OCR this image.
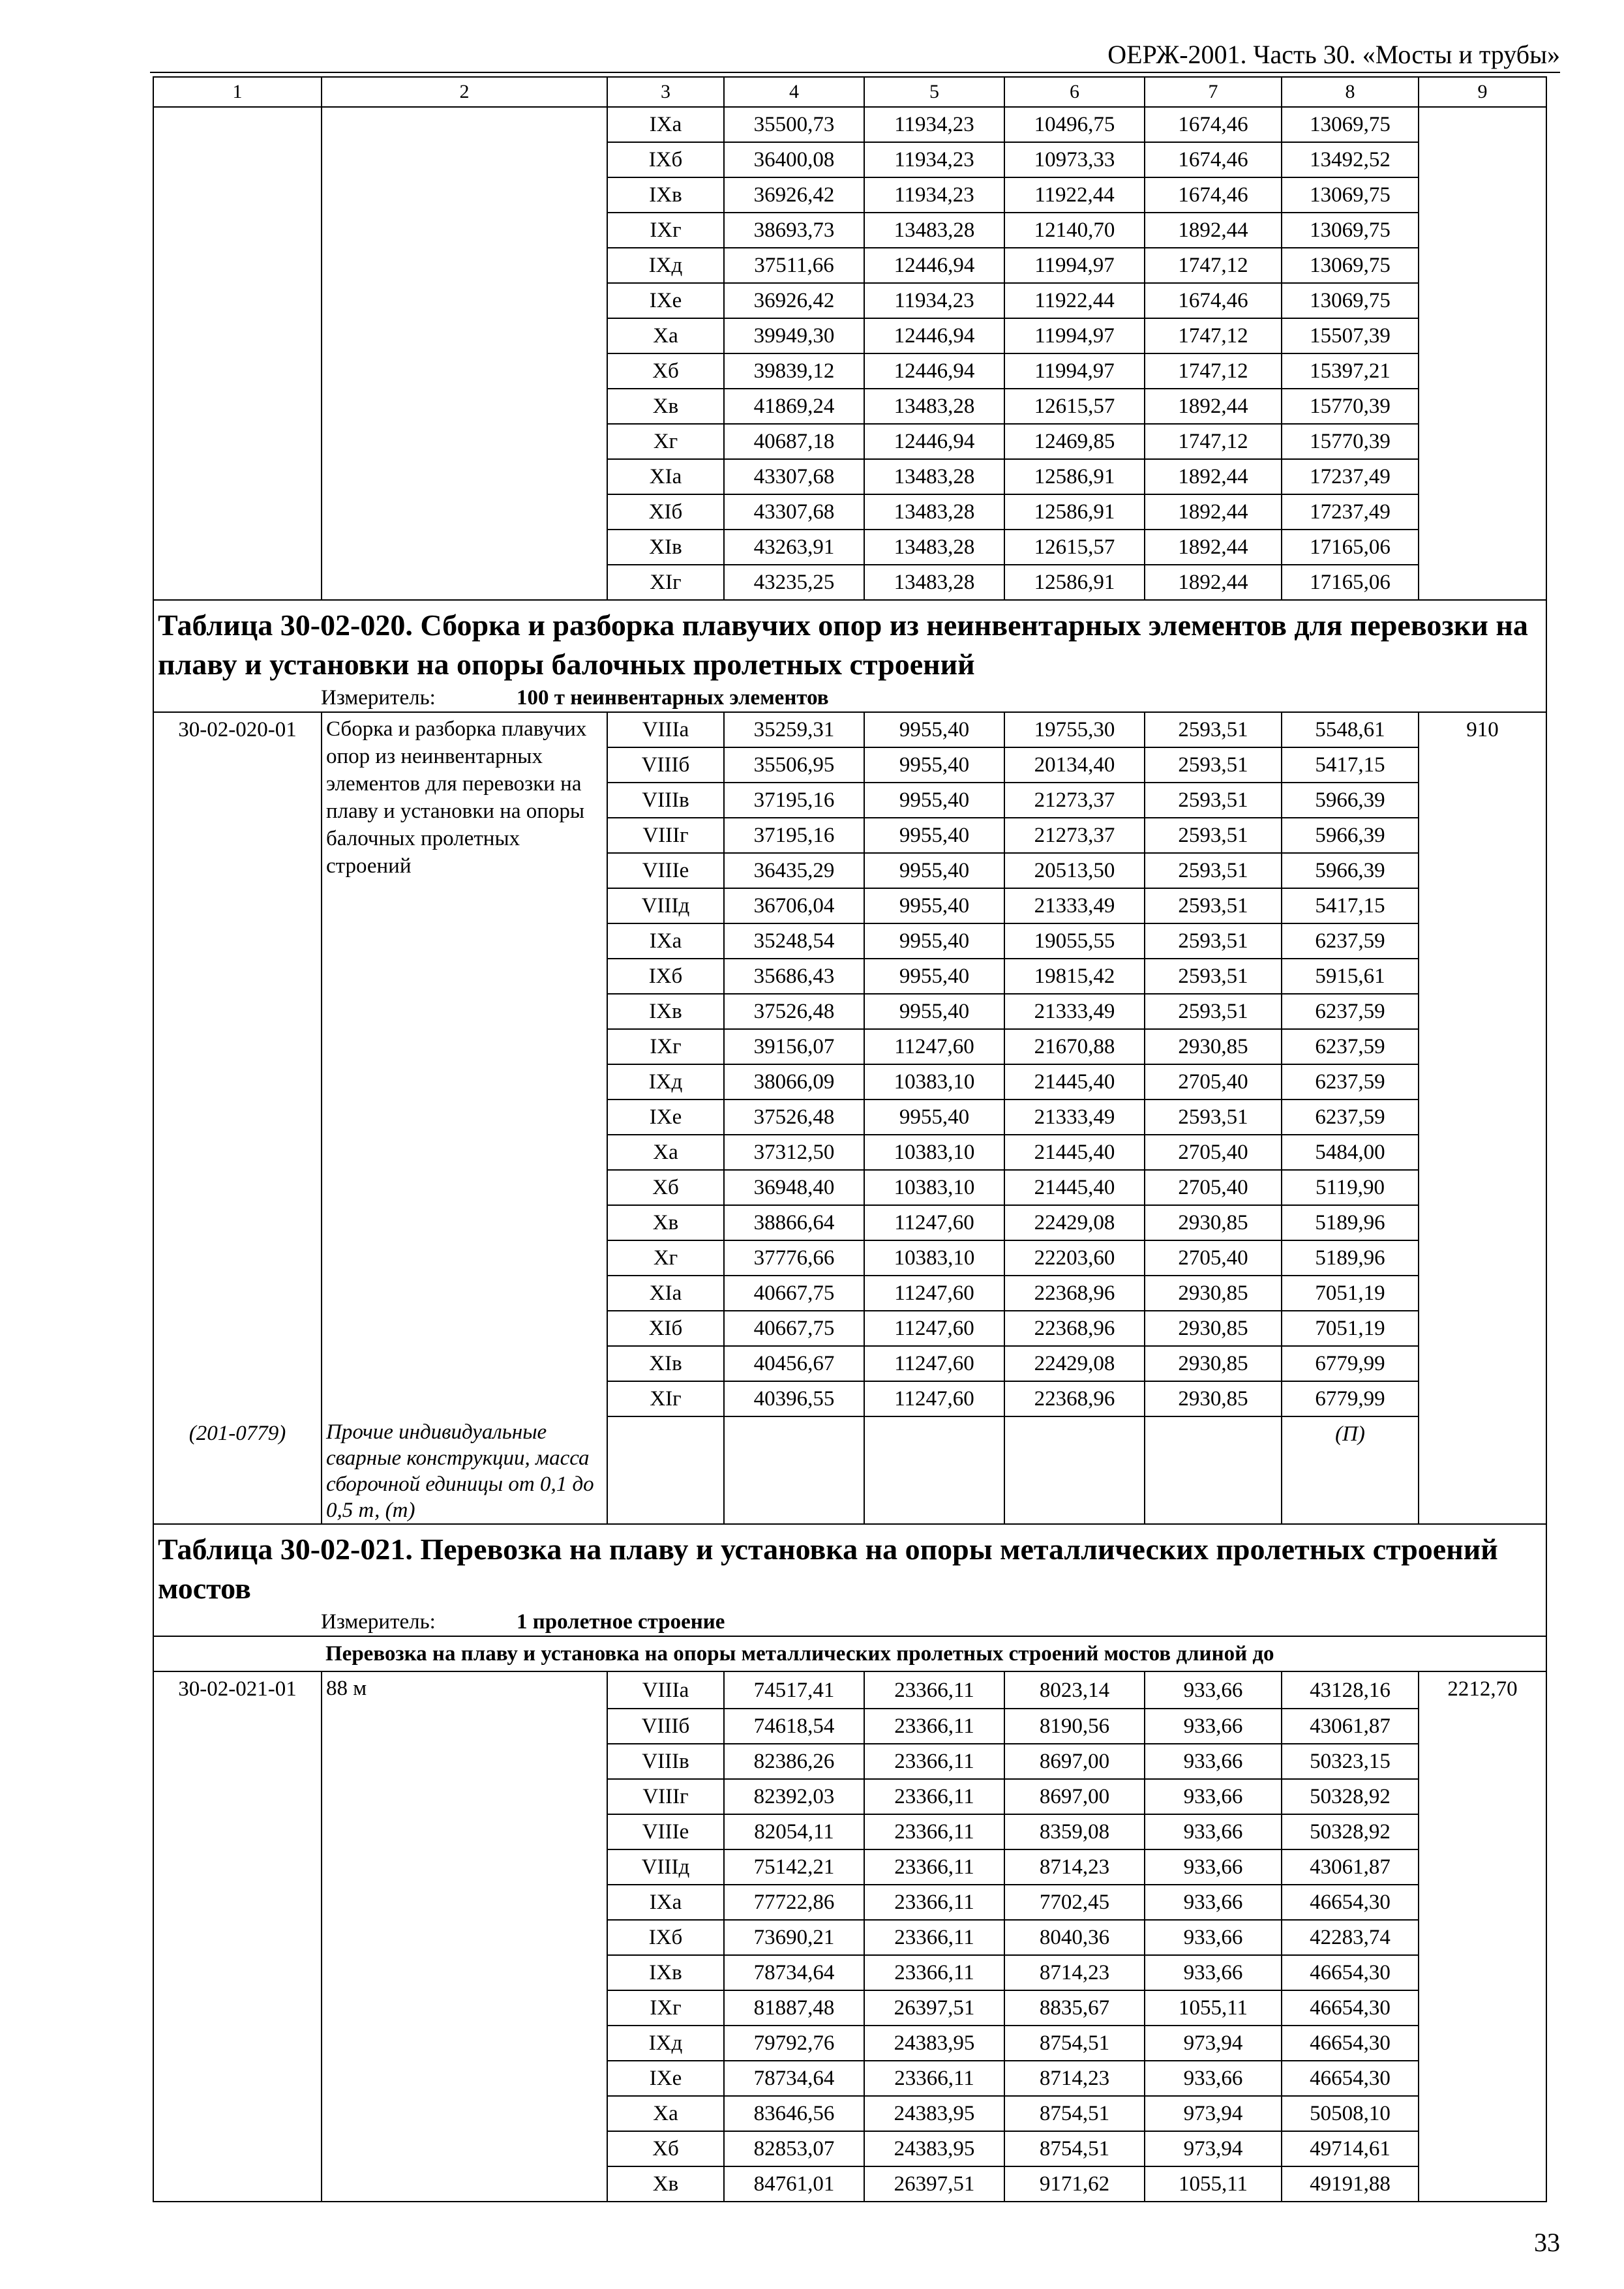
ОЕРЖ-2001. Часть 30. «Мосты и трубы»
1	2	3	4	5	6	7	8	9
		IXа	35500,73	11934,23	10496,75	1674,46	13069,75	
		IXб	36400,08	11934,23	10973,33	1674,46	13492,52	
		IXв	36926,42	11934,23	11922,44	1674,46	13069,75	
		IXг	38693,73	13483,28	12140,70	1892,44	13069,75	
		IXд	37511,66	12446,94	11994,97	1747,12	13069,75	
		IXе	36926,42	11934,23	11922,44	1674,46	13069,75	
		Xа	39949,30	12446,94	11994,97	1747,12	15507,39	
		Xб	39839,12	12446,94	11994,97	1747,12	15397,21	
		Xв	41869,24	13483,28	12615,57	1892,44	15770,39	
		Xг	40687,18	12446,94	12469,85	1747,12	15770,39	
		XIа	43307,68	13483,28	12586,91	1892,44	17237,49	
		XIб	43307,68	13483,28	12586,91	1892,44	17237,49	
		XIв	43263,91	13483,28	12615,57	1892,44	17165,06	
		XIг	43235,25	13483,28	12586,91	1892,44	17165,06	
Таблица 30-02-020. Сборка и разборка плавучих опор из неинвентарных элементов для перевозки на плаву и установки на опоры балочных пролетных строений								
Измеритель: 100 т неинвентарных элементов								
30-02-020-01	Сборка и разборка плавучих опор из неинвентарных элементов для перевозки на плаву и установки на опоры балочных пролетных строений	VIIIа	35259,31	9955,40	19755,30	2593,51	5548,61	910
		VIIIб	35506,95	9955,40	20134,40	2593,51	5417,15	
		VIIIв	37195,16	9955,40	21273,37	2593,51	5966,39	
		VIIIг	37195,16	9955,40	21273,37	2593,51	5966,39	
		VIIIе	36435,29	9955,40	20513,50	2593,51	5966,39	
		VIIIд	36706,04	9955,40	21333,49	2593,51	5417,15	
		IXа	35248,54	9955,40	19055,55	2593,51	6237,59	
		IXб	35686,43	9955,40	19815,42	2593,51	5915,61	
		IXв	37526,48	9955,40	21333,49	2593,51	6237,59	
		IXг	39156,07	11247,60	21670,88	2930,85	6237,59	
		IXд	38066,09	10383,10	21445,40	2705,40	6237,59	
		IXе	37526,48	9955,40	21333,49	2593,51	6237,59	
		Xа	37312,50	10383,10	21445,40	2705,40	5484,00	
		Xб	36948,40	10383,10	21445,40	2705,40	5119,90	
		Xв	38866,64	11247,60	22429,08	2930,85	5189,96	
		Xг	37776,66	10383,10	22203,60	2705,40	5189,96	
		XIа	40667,75	11247,60	22368,96	2930,85	7051,19	
		XIб	40667,75	11247,60	22368,96	2930,85	7051,19	
		XIв	40456,67	11247,60	22429,08	2930,85	6779,99	
		XIг	40396,55	11247,60	22368,96	2930,85	6779,99	
(201-0779)	Прочие индивидуальные сварные конструкции, масса сборочной единицы от 0,1 до 0,5 т, (т)						(П)	
Таблица 30-02-021. Перевозка на плаву и установка на опоры металлических пролетных строений мостов								
Измеритель: 1 пролетное строение								
	Перевозка на плаву и установка на опоры металлических пролетных строений мостов длиной до							
30-02-021-01	88 м	VIIIа	74517,41	23366,11	8023,14	933,66	43128,16	2212,70
		VIIIб	74618,54	23366,11	8190,56	933,66	43061,87	
		VIIIв	82386,26	23366,11	8697,00	933,66	50323,15	
		VIIIг	82392,03	23366,11	8697,00	933,66	50328,92	
		VIIIе	82054,11	23366,11	8359,08	933,66	50328,92	
		VIIIд	75142,21	23366,11	8714,23	933,66	43061,87	
		IXа	77722,86	23366,11	7702,45	933,66	46654,30	
		IXб	73690,21	23366,11	8040,36	933,66	42283,74	
		IXв	78734,64	23366,11	8714,23	933,66	46654,30	
		IXг	81887,48	26397,51	8835,67	1055,11	46654,30	
		IXд	79792,76	24383,95	8754,51	973,94	46654,30	
		IXе	78734,64	23366,11	8714,23	933,66	46654,30	
		Xа	83646,56	24383,95	8754,51	973,94	50508,10	
		Xб	82853,07	24383,95	8754,51	973,94	49714,61	
		Xв	84761,01	26397,51	9171,62	1055,11	49191,88	
33
